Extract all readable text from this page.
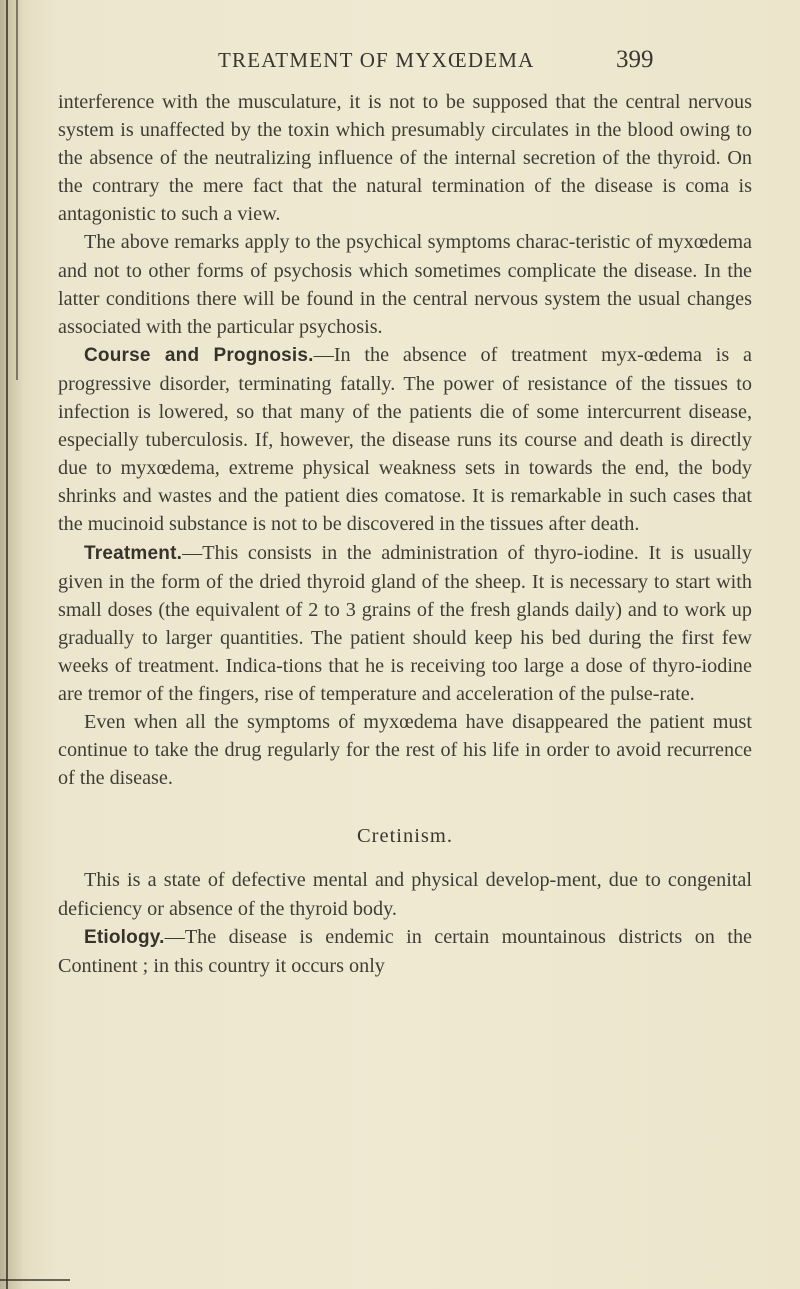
TREATMENT OF MYXŒDEMA	399

interference with the musculature, it is not to be supposed that the central nervous system is unaffected by the toxin which presumably circulates in the blood owing to the absence of the neutralizing influence of the internal secretion of the thyroid. On the contrary the mere fact that the natural termination of the disease is coma is antagonistic to such a view.

The above remarks apply to the psychical symptoms charac-teristic of myxœdema and not to other forms of psychosis which sometimes complicate the disease. In the latter conditions there will be found in the central nervous system the usual changes associated with the particular psychosis.

Course and Prognosis.—In the absence of treatment myx-œdema is a progressive disorder, terminating fatally. The power of resistance of the tissues to infection is lowered, so that many of the patients die of some intercurrent disease, especially tuberculosis. If, however, the disease runs its course and death is directly due to myxœdema, extreme physical weakness sets in towards the end, the body shrinks and wastes and the patient dies comatose. It is remarkable in such cases that the mucinoid substance is not to be discovered in the tissues after death.

Treatment.—This consists in the administration of thyro-iodine. It is usually given in the form of the dried thyroid gland of the sheep. It is necessary to start with small doses (the equivalent of 2 to 3 grains of the fresh glands daily) and to work up gradually to larger quantities. The patient should keep his bed during the first few weeks of treatment. Indica-tions that he is receiving too large a dose of thyro-iodine are tremor of the fingers, rise of temperature and acceleration of the pulse-rate.

Even when all the symptoms of myxœdema have disappeared the patient must continue to take the drug regularly for the rest of his life in order to avoid recurrence of the disease.

Cretinism.

This is a state of defective mental and physical develop-ment, due to congenital deficiency or absence of the thyroid body.

Etiology.—The disease is endemic in certain mountainous districts on the Continent ; in this country it occurs only
